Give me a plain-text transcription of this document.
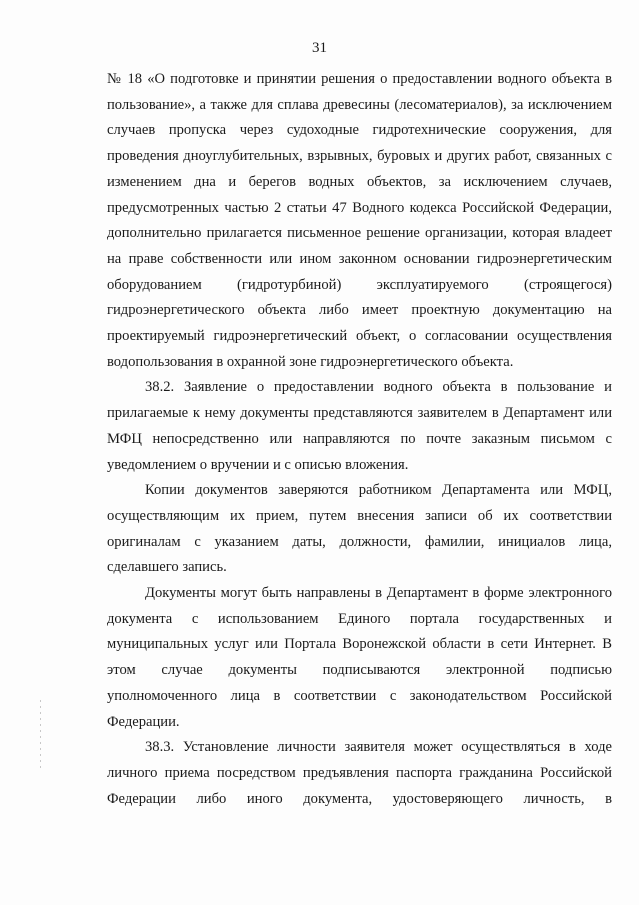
31

№ 18 «О подготовке и принятии решения о предоставлении водного объекта в пользование», а также для сплава древесины (лесоматериалов), за исключением случаев пропуска через судоходные гидротехнические сооружения, для проведения дноуглубительных, взрывных, буровых и других работ, связанных с изменением дна и берегов водных объектов, за исключением случаев, предусмотренных частью 2 статьи 47 Водного кодекса Российской Федерации, дополнительно прилагается письменное решение организации, которая владеет на праве собственности или ином законном основании гидроэнергетическим оборудованием (гидротурбиной) эксплуатируемого (строящегося) гидроэнергетического объекта либо имеет проектную документацию на проектируемый гидроэнергетический объект, о согласовании осуществления водопользования в охранной зоне гидроэнергетического объекта.

38.2. Заявление о предоставлении водного объекта в пользование и прилагаемые к нему документы представляются заявителем в Департамент или МФЦ непосредственно или направляются по почте заказным письмом с уведомлением о вручении и с описью вложения.

Копии документов заверяются работником Департамента или МФЦ, осуществляющим их прием, путем внесения записи об их соответствии оригиналам с указанием даты, должности, фамилии, инициалов лица, сделавшего запись.

Документы могут быть направлены в Департамент в форме электронного документа с использованием Единого портала государственных и муниципальных услуг или Портала Воронежской области в сети Интернет. В этом случае документы подписываются электронной подписью уполномоченного лица в соответствии с законодательством Российской Федерации.

38.3. Установление личности заявителя может осуществляться в ходе личного приема посредством предъявления паспорта гражданина Российской Федерации либо иного документа, удостоверяющего личность, в
